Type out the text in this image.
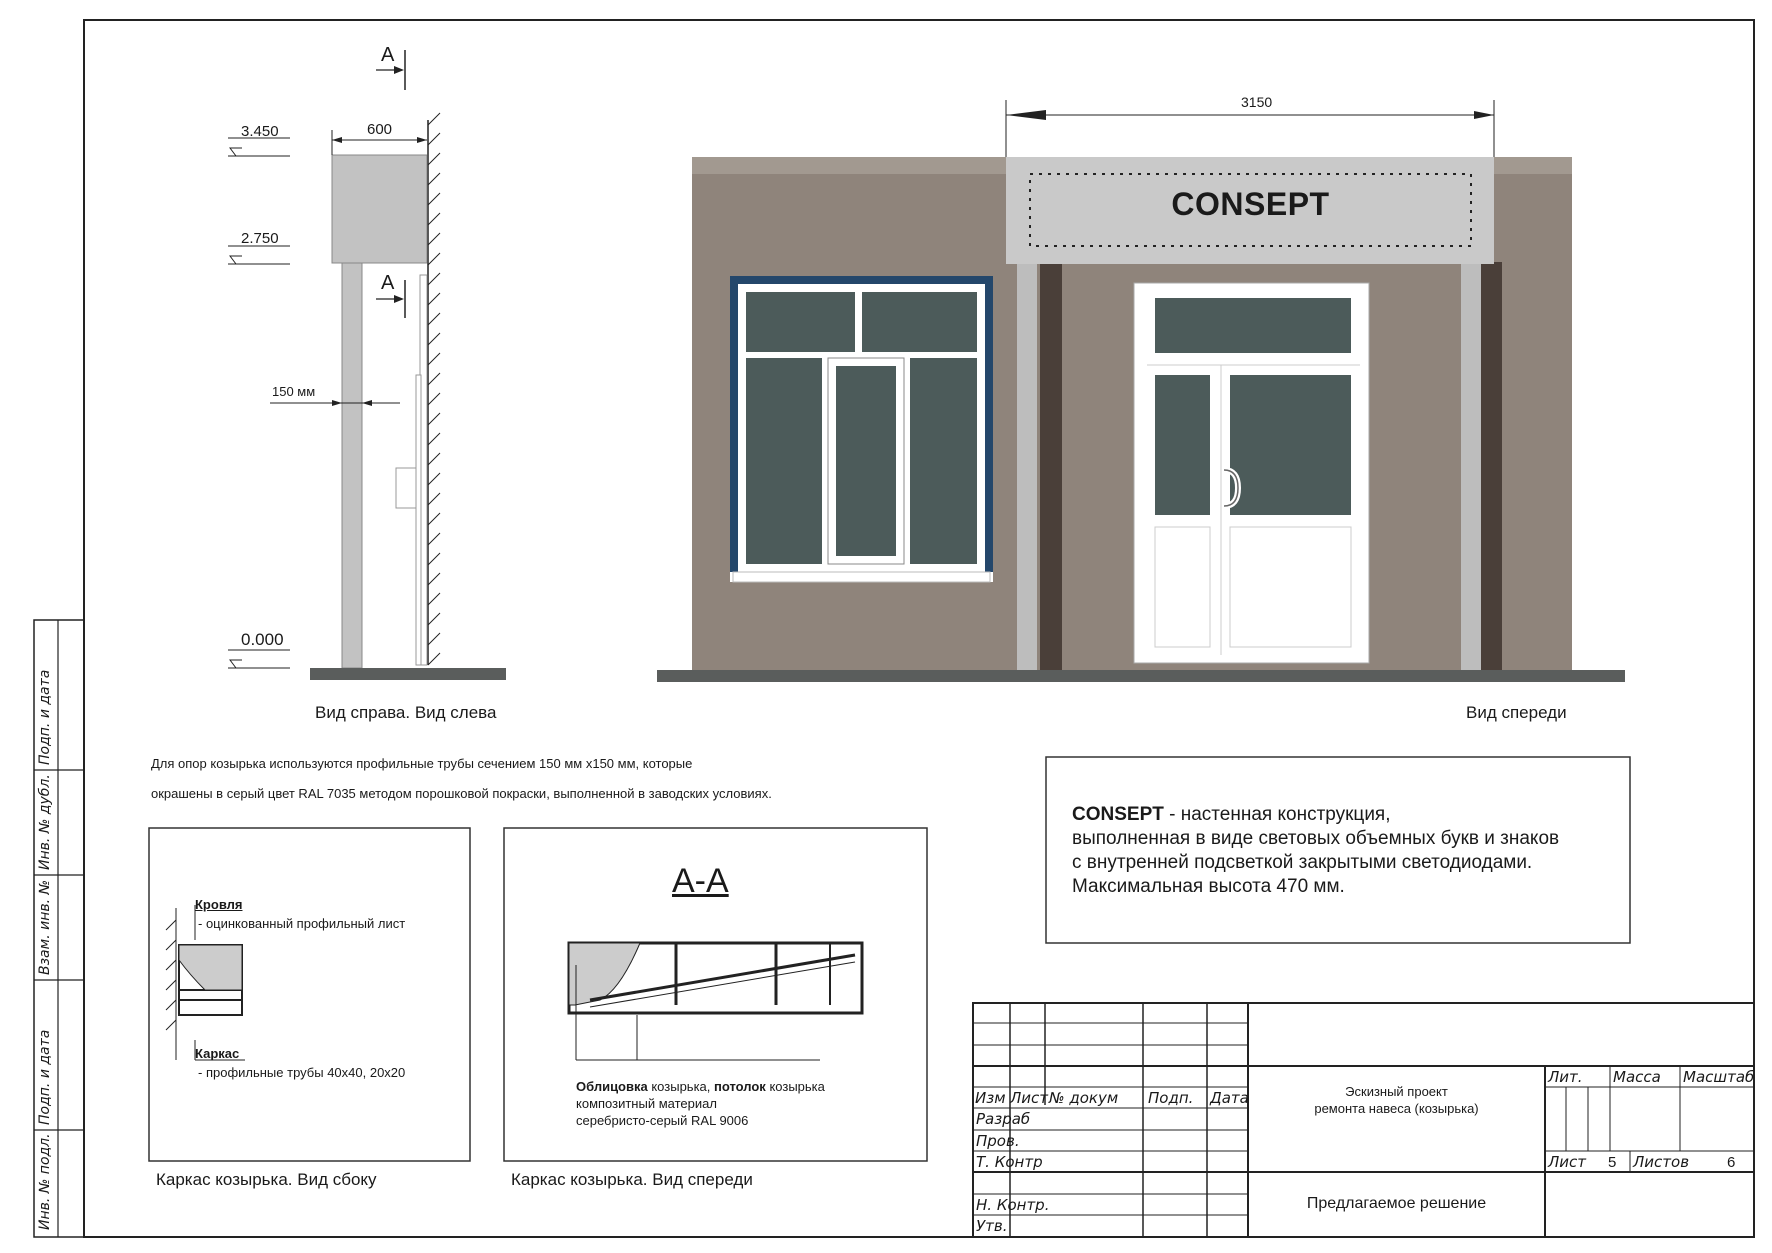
A
A
600
3.450
2.750
0.000
150 мм
Вид справа. Вид слева
3150
CONSEPT
Вид спереди
Для опор козырька используются профильные трубы сечением 150 мм х150 мм, которые
окрашены в серый цвет RAL 7035 методом порошковой покраски, выполненной в заводских условиях.
CONSEPT - настенная конструкция,
выполненная в виде световых объемных букв и знаков
с внутренней подсветкой закрытыми светодиодами.
Максимальная высота 470 мм.
Кровля
- оцинкованный профильный лист
Каркас
- профильные трубы 40х40, 20х20
Каркас козырька. Вид сбоку
А-А
Облицовка козырька, потолок козырька
композитный материал
серебристо-серый RAL 9006
Каркас козырька. Вид спереди
Изм Лист № докум Подп. Дата
Разраб
Пров.
Т. Контр
Н. Контр.
Утв.
Эскизный проект
ремонта навеса (козырька)
Лит. Масса Масштаб
Лист 5 Листов	6
Предлагаемое решение
Инв. № подл.
Подп. и дата
Взам. инв. №
Инв. № дубл.
Подп. и дата
